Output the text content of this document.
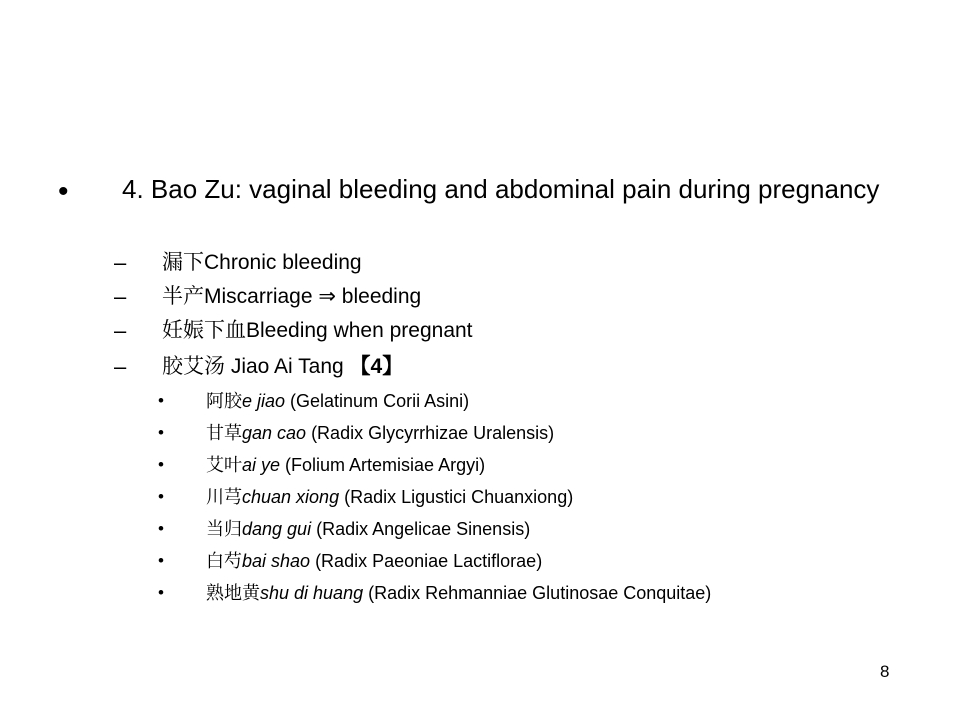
• 4. Bao Zu: vaginal bleeding and abdominal pain during pregnancy
– 漏下Chronic bleeding
– 半产Miscarriage ⇒ bleeding
– 妊娠下血Bleeding when pregnant
– 胶艾汤 Jiao Ai Tang 【4】
• 阿胶e jiao (Gelatinum Corii Asini)
• 甘草gan cao (Radix Glycyrrhizae Uralensis)
• 艾叶ai ye (Folium Artemisiae Argyi)
• 川芎chuan xiong (Radix Ligustici Chuanxiong)
• 当归dang gui (Radix Angelicae Sinensis)
• 白芍bai shao (Radix Paeoniae Lactiflorae)
• 熟地黄shu di huang (Radix Rehmanniae Glutinosae Conquitae)
8
